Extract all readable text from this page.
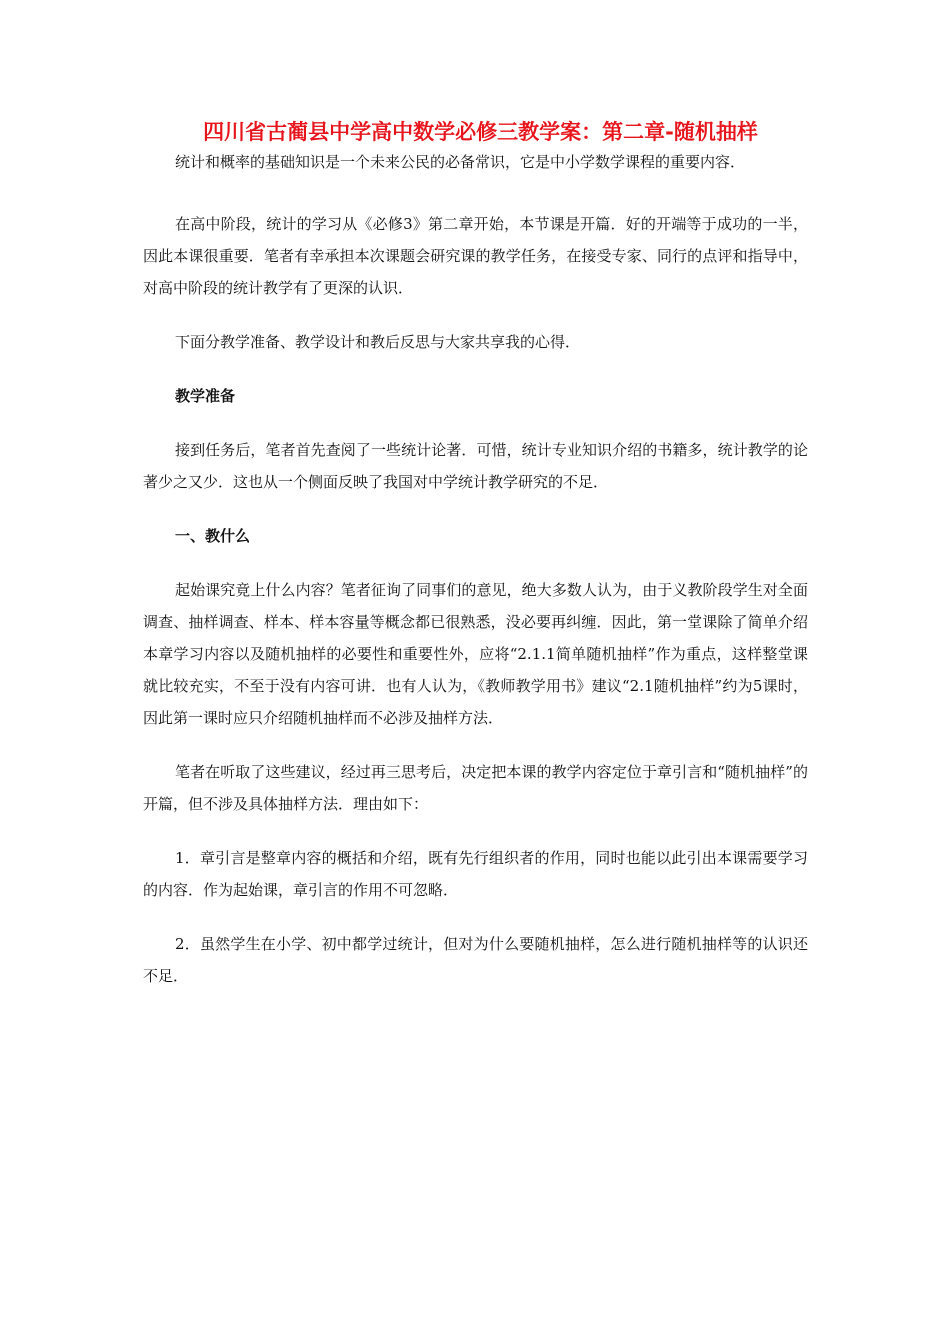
四川省古蔺县中学高中数学必修三教学案：第二章-随机抽样

统计和概率的基础知识是一个未来公民的必备常识，它是中小学数学课程的重要内容．

在高中阶段，统计的学习从《必修3》第二章开始，本节课是开篇．好的开端等于成功的一半，因此本课很重要．笔者有幸承担本次课题会研究课的教学任务，在接受专家、同行的点评和指导中，对高中阶段的统计教学有了更深的认识．

下面分教学准备、教学设计和教后反思与大家共享我的心得．

教学准备

接到任务后，笔者首先查阅了一些统计论著．可惜，统计专业知识介绍的书籍多，统计教学的论著少之又少．这也从一个侧面反映了我国对中学统计教学研究的不足．

一、教什么

起始课究竟上什么内容？笔者征询了同事们的意见，绝大多数人认为，由于义教阶段学生对全面调查、抽样调查、样本、样本容量等概念都已很熟悉，没必要再纠缠．因此，第一堂课除了简单介绍本章学习内容以及随机抽样的必要性和重要性外，应将“2.1.1简单随机抽样”作为重点，这样整堂课就比较充实，不至于没有内容可讲．也有人认为，《教师教学用书》建议“2.1随机抽样”约为5课时，因此第一课时应只介绍随机抽样而不必涉及抽样方法．

笔者在听取了这些建议，经过再三思考后，决定把本课的教学内容定位于章引言和“随机抽样”的开篇，但不涉及具体抽样方法．理由如下：

1．章引言是整章内容的概括和介绍，既有先行组织者的作用，同时也能以此引出本课需要学习的内容．作为起始课，章引言的作用不可忽略．

2．虽然学生在小学、初中都学过统计，但对为什么要随机抽样，怎么进行随机抽样等的认识还不足．
